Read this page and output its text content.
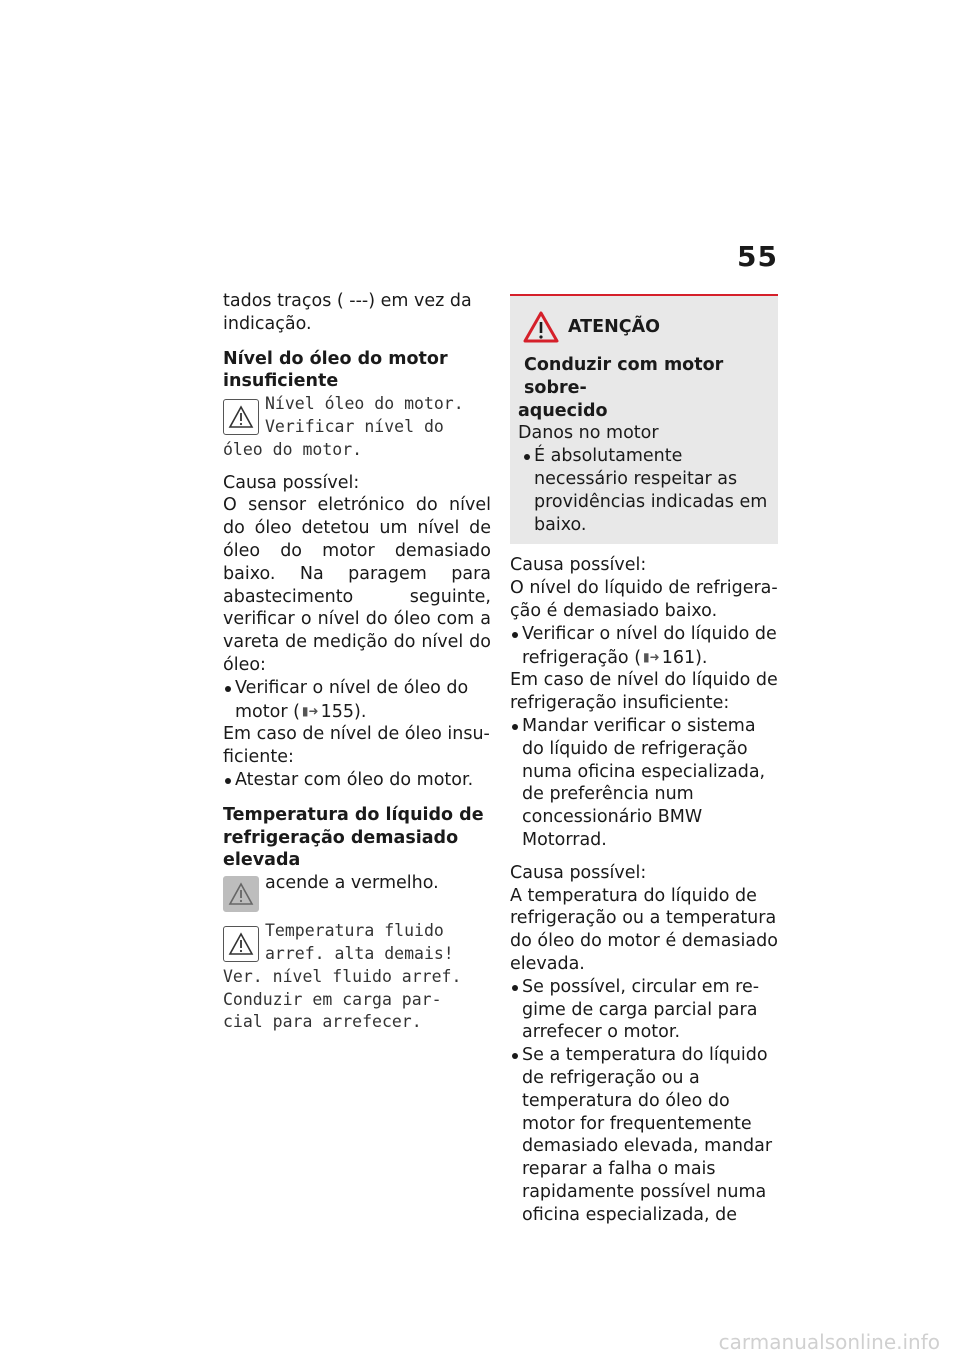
55

tados traços ( ---) em vez da indicação.

Nível do óleo do motor insuficiente
Nível óleo do motor.
Verificar nível do
óleo do motor.

Causa possível:

O sensor eletrónico do nível do óleo detetou um nível de óleo do motor demasiado baixo. Na paragem para abastecimento seguinte, verificar o nível do óleo com a vareta de medição do nível do óleo:

Verificar o nível de óleo do motor ( ▮➜ 155).

Em caso de nível de óleo insuficiente:

Atestar com óleo do motor.
Temperatura do líquido de refrigeração demasiado elevada

acende a vermelho.

Temperatura fluido
arref. alta demais!
Ver. nível fluido arref.
Conduzir em carga par-
cial para arrefecer.
ATENÇÃO
Conduzir com motor sobre-
aquecido

Danos no motor

É absolutamente necessário respeitar as providências indicadas em baixo.

Causa possível:

O nível do líquido de refrigeração é demasiado baixo.

Verificar o nível do líquido de refrigeração ( ▮➜ 161).

Em caso de nível do líquido de refrigeração insuficiente:

Mandar verificar o sistema do líquido de refrigeração numa oficina especializada, de preferência num concessionário BMW Motorrad.

Causa possível:

A temperatura do líquido de refrigeração ou a temperatura do óleo do motor é demasiado elevada.

Se possível, circular em regime de carga parcial para arrefecer o motor.
Se a temperatura do líquido de refrigeração ou a temperatura do óleo do motor for frequentemente demasiado elevada, mandar reparar a falha o mais rapidamente possível numa oficina especializada, de
carmanualsonline.info
